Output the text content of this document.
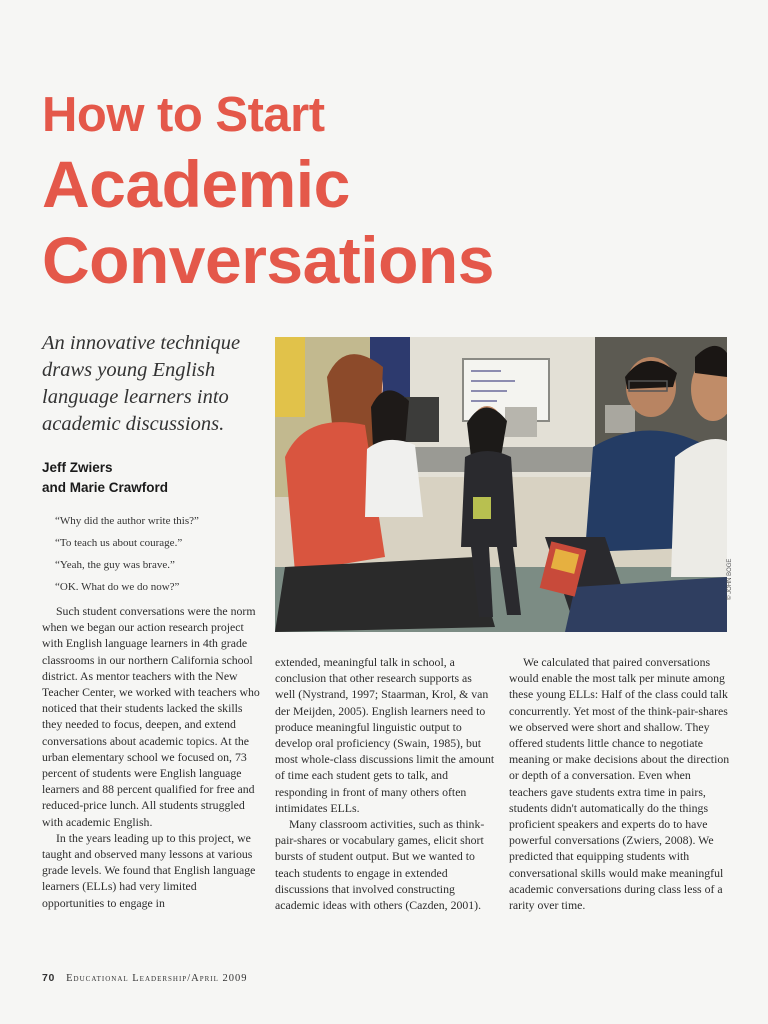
How to Start
Academic
Conversations

An innovative technique draws young English language learners into academic discussions.

Jeff Zwiers
and Marie Crawford
“Why did the author write this?”
“To teach us about courage.”
“Yeah, the guy was brave.”
“OK. What do we do now?”

Such student conversations were the norm when we began our action research project with English language learners in 4th grade classrooms in our northern California school district. As mentor teachers with the New Teacher Center, we worked with teachers who noticed that their students lacked the skills they needed to focus, deepen, and extend conversations about academic topics. At the urban elementary school we focused on, 73 percent of students were English language learners and 88 percent qualified for free and reduced-price lunch. All students struggled with academic English.

In the years leading up to this project, we taught and observed many lessons at various grade levels. We found that English language learners (ELLs) had very limited opportunities to engage in

extended, meaningful talk in school, a conclusion that other research supports as well (Nystrand, 1997; Staarman, Krol, & van der Meijden, 2005). English learners need to produce meaningful linguistic output to develop oral proficiency (Swain, 1985), but most whole-class discussions limit the amount of time each student gets to talk, and responding in front of many others often intimidates ELLs.

Many classroom activities, such as think-pair-shares or vocabulary games, elicit short bursts of student output. But we wanted to teach students to engage in extended discussions that involved constructing academic ideas with others (Cazden, 2001).

We calculated that paired conversations would enable the most talk per minute among these young ELLs: Half of the class could talk concurrently. Yet most of the think-pair-shares we observed were short and shallow. They offered students little chance to negotiate meaning or make decisions about the direction or depth of a conversation. Even when teachers gave students extra time in pairs, students didn't automatically do the things proficient speakers and experts do to have powerful conversations (Zwiers, 2008). We predicted that equipping students with conversational skills would make meaningful academic conversations during class less of a rarity over time.

© JOHN BOGE
70 Educational Leadership/April 2009
